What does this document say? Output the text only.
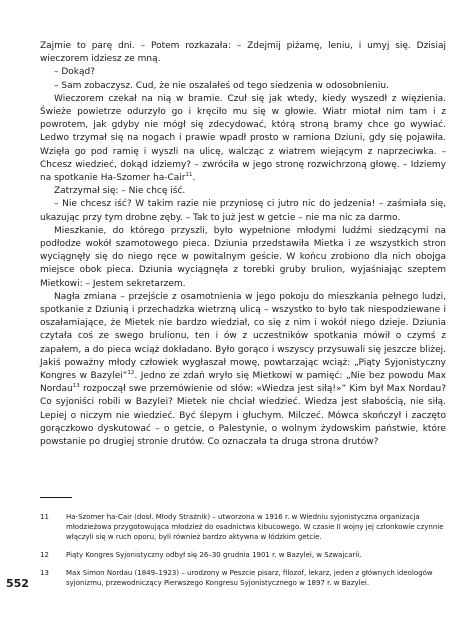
Zajmie to parę dni. – Potem rozkazała: – Zdejmij piżamę, leniu, i umyj się. Dzisiaj wieczorem idziesz ze mną.

– Dokąd?

– Sam zobaczysz. Cud, że nie oszalałeś od tego siedzenia w odosobnieniu.

Wieczorem czekał na nią w bramie. Czuł się jak wtedy, kiedy wyszedł z więzienia. Świeże powietrze odurzyło go i kręciło mu się w głowie. Wiatr miotał nim tam i z powrotem, jak gdyby nie mógł się zdecydować, którą stroną bramy chce go wywiać. Ledwo trzymał się na nogach i prawie wpadł prosto w ramiona Dziuni, gdy się pojawiła. Wzięła go pod ramię i wyszli na ulicę, walcząc z wiatrem wiejącym z naprzeciwka. – Chcesz wiedzieć, dokąd idziemy? – zwróciła w jego stronę rozwichrzoną głowę. – Idziemy na spotkanie Ha-Szomer ha-Cair$^{11}$.

Zatrzymał się: – Nie chcę iść.

– Nie chcesz iść? W takim razie nie przyniosę ci jutro nic do jedzenia! – zaśmiała się, ukazując przy tym drobne zęby. – Tak to już jest w getcie – nie ma nic za darmo.

Mieszkanie, do którego przyszli, było wypełnione młodymi ludźmi siedzącymi na podłodze wokół szamotowego pieca. Dziunia przedstawiła Mietka i ze wszystkich stron wyciągnęły się do niego ręce w powitalnym geście. W końcu zrobiono dla nich obojga miejsce obok pieca. Dziunia wyciągnęła z torebki gruby brulion, wyjaśniając szeptem Mietkowi: – Jestem sekretarzem.

Nagła zmiana – przejście z osamotnienia w jego pokoju do mieszkania pełnego ludzi, spotkanie z Dziunią i przechadzka wietrzną ulicą – wszystko to było tak niespodziewane i oszałamiające, że Mietek nie bardzo wiedział, co się z nim i wokół niego dzieje. Dziunia czytała coś ze swego brulionu, ten i ów z uczestników spotkania mówił o czymś z zapałem, a do pieca wciąż dokładano. Było gorąco i wszyscy przysuwali się jeszcze bliżej. Jakiś poważny młody człowiek wygłaszał mowę, powtarzając wciąż: „Piąty Syjonistyczny Kongres w Bazylei”$^{12}$. Jedno ze zdań wryło się Mietkowi w pamięć: „Nie bez powodu Max Nordau$^{13}$ rozpoczął swe przemówienie od słów: «Wiedza jest siłą!»” Kim był Max Nordau? Co syjoniści robili w Bazylei? Mietek nie chciał wiedzieć. Wiedza jest słabością, nie siłą. Lepiej o niczym nie wiedzieć. Być ślepym i głuchym. Milczeć. Mówca skończył i zaczęto gorączkowo dyskutować – o getcie, o Palestynie, o wolnym żydowskim państwie, które powstanie po drugiej stronie drutów. Co oznaczała ta druga strona drutów?

11 Ha-Szomer ha-Cair (dosł. Młody Strażnik) – utworzona w 1916 r. w Wiedniu syjonistyczna organizacja młodzieżowa przygotowująca młodzież do osadnictwa kibucowego. W czasie II wojny jej członkowie czynnie włączyli się w ruch oporu, byli również bardzo aktywna w łódzkim getcie.
12 Piąty Kongres Syjonistyczny odbył się 26–30 grudnia 1901 r. w Bazylei, w Szwajcarii.
13 Max Simon Nordau (1849–1923) – urodzony w Peszcie pisarz, filozof, lekarz, jeden z głównych ideologów syjonizmu, przewodniczący Pierwszego Kongresu Syjonistycznego w 1897 r. w Bazylei.
552
